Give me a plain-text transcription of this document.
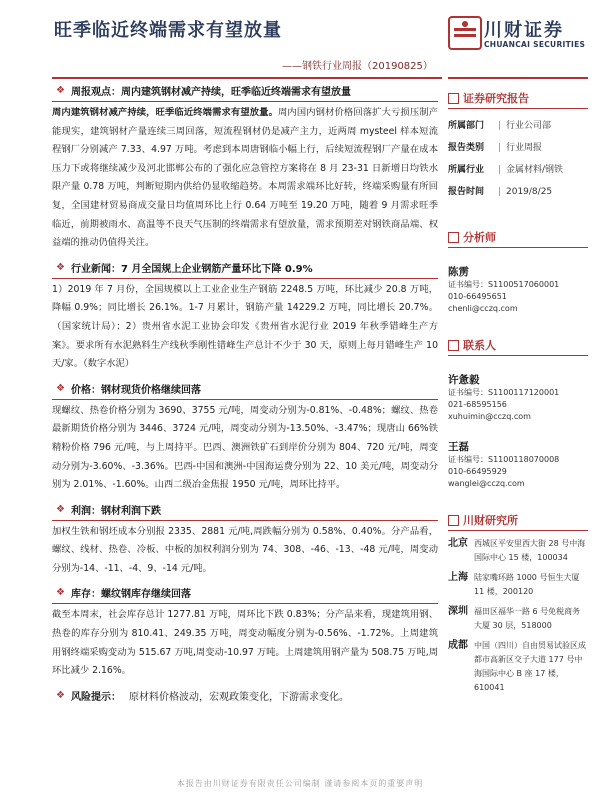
旺季临近终端需求有望放量
——钢铁行业周报（20190825）
川财证券
CHUANCAI SECURITIES
❖ 周报观点：周内建筑钢材减产持续，旺季临近终端需求有望放量
周内建筑钢材减产持续，旺季临近终端需求有望放量。周内国内钢材价格回落扩大亏损压制产能现实，建筑钢材产量连续三周回落，短流程钢材仍是减产主力，近两周 mysteel 样本短流程钢厂分别减产 7.33、4.97 万吨。考虑到本周唐钢临小幅上行，后续短流程钢厂产量在成本压力下或将继续减少及河北邯郸公布的了强化应急管控方案将在 8 月 23-31 日新增日均铁水限产量 0.78 万吨，判断短期内供给仍显收缩趋势。本周需求端环比好转，终端采购量有所回复，全国建材贸易商成交量日均值周环比上行 0.64 万吨至 19.20 万吨，随着 9 月需求旺季临近，前期被雨水、高温等不良天气压制的终端需求有望放量，需求预期差对钢铁商品端、权益端的推动仍值得关注。
❖ 行业新闻：7 月全国规上企业钢筋产量环比下降 0.9%
1）2019 年 7 月份，全国规模以上工业企业生产钢筋 2248.5 万吨，环比减少 20.8 万吨，降幅 0.9%；同比增长 26.1%。1-7 月累计，钢筋产量 14229.2 万吨，同比增长 20.7%。（国家统计局）；2）贵州省水泥工业协会印发《贵州省水泥行业 2019 年秋季错峰生产方案》。要求所有水泥熟料生产线秋季刚性错峰生产总计不少于 30 天，原则上每月错峰生产 10 天/家。（数字水泥）
❖ 价格：钢材现货价格继续回落
现螺纹、热卷价格分别为 3690、3755 元/吨，周变动分别为-0.81%、-0.48%；螺纹、热卷最新期货价格分别为 3446、3724 元/吨，周变动分别为-13.50%、-3.47%；现唐山 66%铁精粉价格 796 元/吨，与上周持平。巴西、澳洲铁矿石到岸价分别为 804、720 元/吨，周变动分别为-3.60%、-3.36%。巴西-中国和澳洲-中国海运费分别为 22、10 美元/吨，周变动分别为 2.01%、-1.60%。山西二级冶金焦报 1950 元/吨，周环比持平。
❖ 利润：钢材利润下跌
加权生铁和钢坯成本分别报 2335、2881 元/吨,周跌幅分别为 0.58%、0.40%。分产品看，螺纹、线材、热卷、冷板、中板的加权利润分别为 74、308、-46、-13、-48 元/吨，周变动分别为-14、-11、-4、9、-14 元/吨。
❖ 库存：螺纹钢库存继续回落
截至本周末，社会库存总计 1277.81 万吨，周环比下跌 0.83%；分产品来看，现建筑用钢、热卷的库存分别为 810.41、249.35 万吨，周变动幅度分别为-0.56%、-1.72%。上周建筑用钢终端采购变动为 515.67 万吨,周变动-10.97 万吨。上周建筑用钢产量为 508.75 万吨,周环比减少 2.16%。
❖ 风险提示： 原材料价格波动，宏观政策变化，下游需求变化。
证券研究报告
所属部门	| 行业公司部
报告类别	| 行业周报
所属行业	| 金属材料/钢铁
报告时间	| 2019/8/25
分析师
陈雳
证书编号：S1100517060001
010-66495651
chenli@cczq.com
联系人
许惫毅
证书编号：S1100117120001
021-68595156
xuhuimin@cczq.com
王磊
证书编号：S1100118070008
010-66495929
wanglei@cczq.com
川财研究所
北京 西城区平安里西大街 28 号中海国际中心 15 楼，100034
上海 陆家嘴环路 1000 号恒生大厦 11 楼，200120
深圳 福田区福华一路 6 号免税商务大厦 30 层，518000
成都 中国（四川）自由贸易试验区成都市高新区交子大道 177 号中海国际中心 B 座 17 楼，610041
本报告由川财证券有限责任公司编制 谨请参阅本页的重要声明
